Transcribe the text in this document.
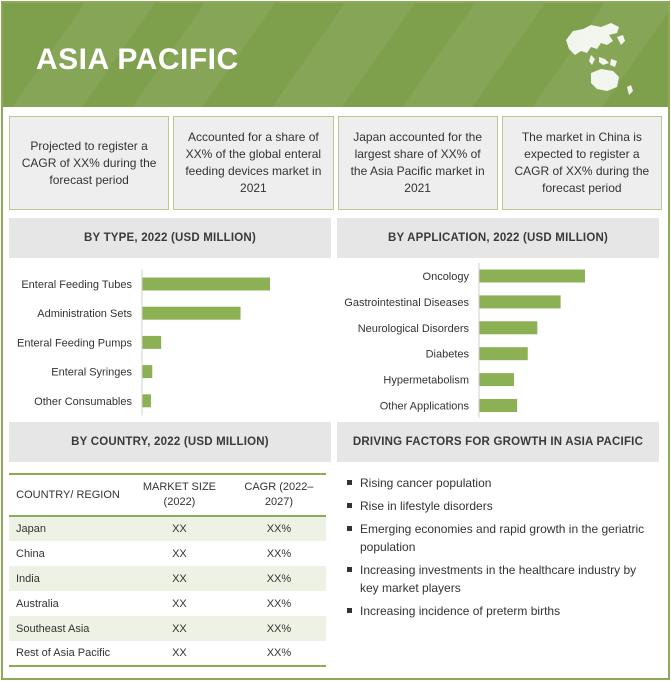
ASIA PACIFIC
Projected to register a CAGR of XX% during the forecast period
Accounted for a share of XX% of the global enteral feeding devices market in 2021
Japan accounted for the largest share of XX% of the Asia Pacific market in 2021
The market in China is expected to register a CAGR of XX% during the forecast period
BY TYPE, 2022 (USD MILLION)	BY APPLICATION, 2022 (USD MILLION)
Enteral Feeding Tubes
Administration Sets
Enteral Feeding Pumps
Enteral Syringes
Other Consumables
Oncology
Gastrointestinal Diseases
Neurological Disorders
Diabetes
Hypermetabolism
Other Applications
BY COUNTRY, 2022 (USD MILLION)	DRIVING FACTORS FOR GROWTH IN ASIA PACIFIC
COUNTRY/ REGION	MARKET SIZE (2022)	CAGR (2022–2027)
Japan	XX	XX%
China	XX	XX%
India	XX	XX%
Australia	XX	XX%
Southeast Asia	XX	XX%
Rest of Asia Pacific	XX	XX%
Rising cancer population
Rise in lifestyle disorders
Emerging economies and rapid growth in the geriatric population
Increasing investments in the healthcare industry by key market players
Increasing incidence of preterm births
